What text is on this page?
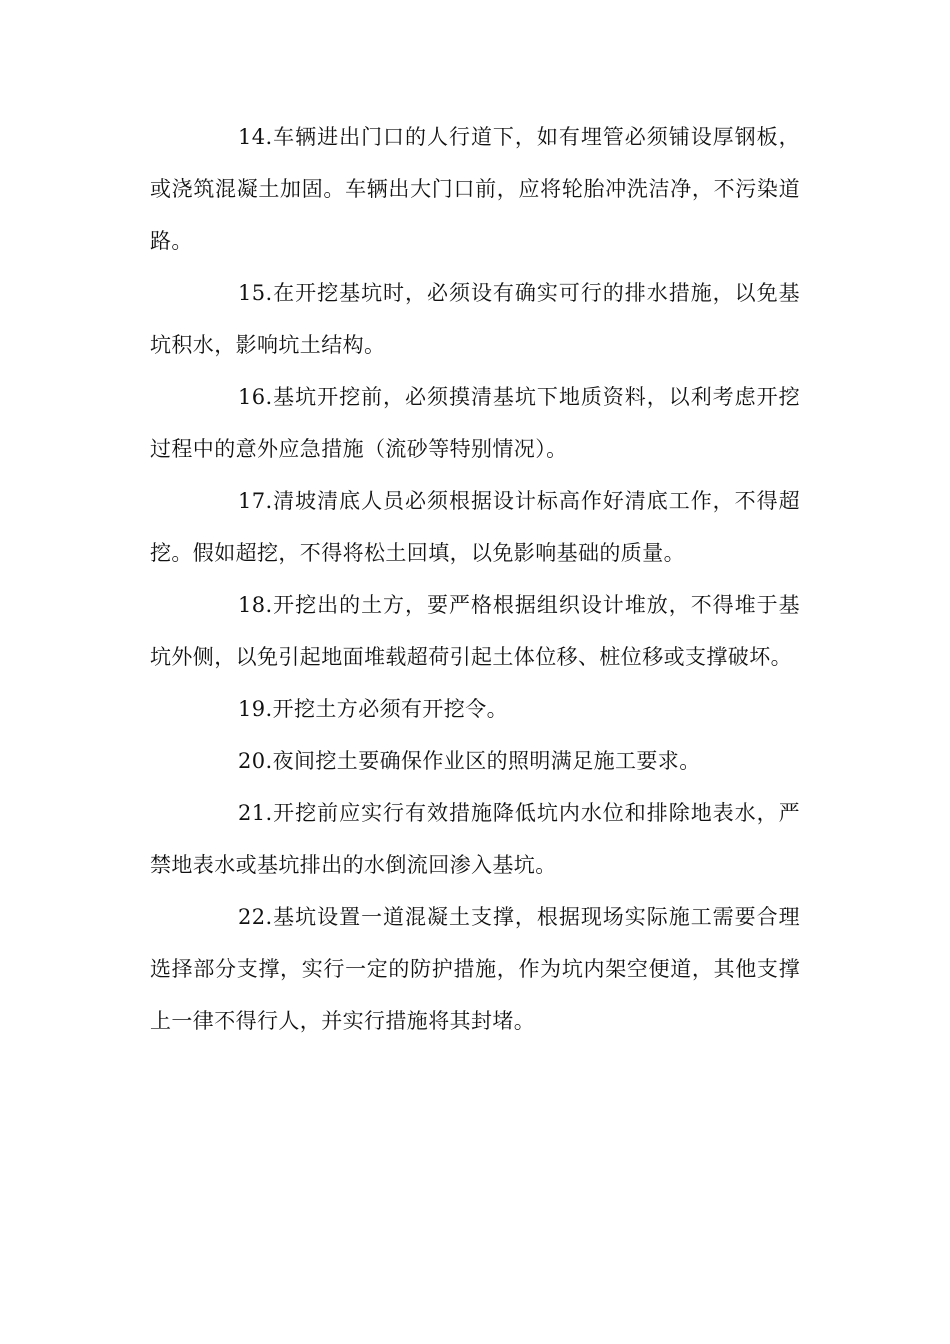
14.车辆进出门口的人行道下，如有埋管必须铺设厚钢板，或浇筑混凝土加固。车辆出大门口前，应将轮胎冲洗洁净，不污染道路。

15.在开挖基坑时，必须设有确实可行的排水措施，以免基坑积水，影响坑土结构。

16.基坑开挖前，必须摸清基坑下地质资料，以利考虑开挖过程中的意外应急措施（流砂等特别情况）。

17.清坡清底人员必须根据设计标高作好清底工作，不得超挖。假如超挖，不得将松土回填，以免影响基础的质量。

18.开挖出的土方，要严格根据组织设计堆放，不得堆于基坑外侧，以免引起地面堆载超荷引起土体位移、桩位移或支撑破坏。

19.开挖土方必须有开挖令。

20.夜间挖土要确保作业区的照明满足施工要求。

21.开挖前应实行有效措施降低坑内水位和排除地表水，严禁地表水或基坑排出的水倒流回渗入基坑。

22.基坑设置一道混凝土支撑，根据现场实际施工需要合理选择部分支撑，实行一定的防护措施，作为坑内架空便道，其他支撑上一律不得行人，并实行措施将其封堵。
